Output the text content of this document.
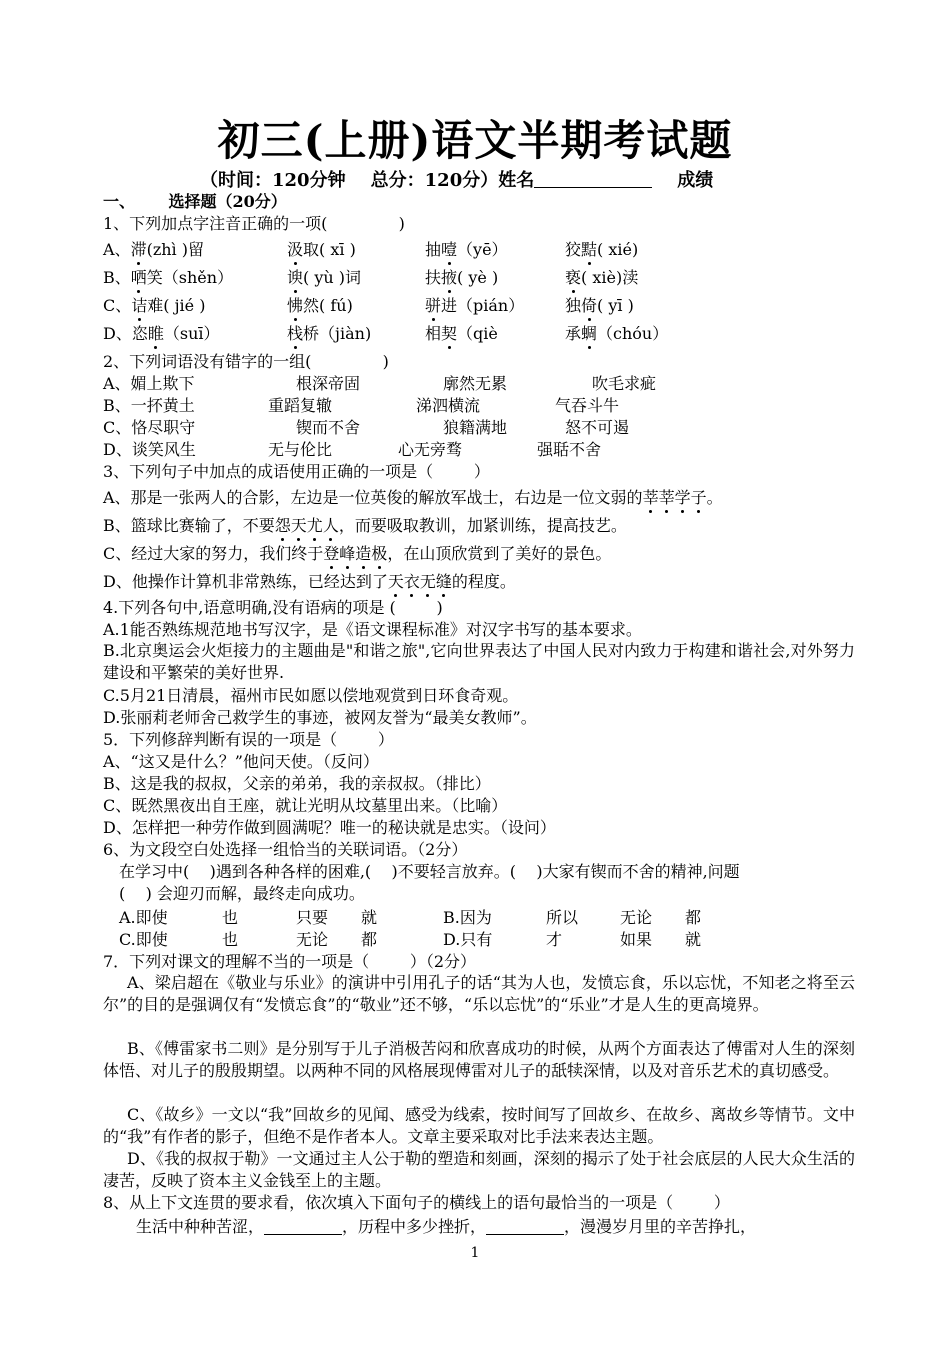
初三(上册)语文半期考试题
（时间：120分钟    总分：120分）姓名	成绩
一、 选择题（20分）
1、下列加点字注音正确的一项(              )
A、滞(zhì )留	汲取( xī )	抽噎（yē）	狡黠( xié)
B、哂笑（shěn）	谀( yù )词	扶掖( yè )	亵( xiè)渎
C、诘难( jié )	怫然( fú)	骈进（pián）	独倚( yī )
D、恣睢（suī）	栈桥（jiàn)	相契（qiè	承蜩（chóu）
2、下列词语没有错字的一组(              )
A、媚上欺下	根深帝固	廓然无累	吹毛求疵
B、一抔黄土	重蹈复辙	涕泗横流	气吞斗牛
C、恪尽职守	锲而不舍	狼籍满地	怒不可遏
D、谈笑风生	无与伦比	心无旁骛	强聒不舍
3、下列句子中加点的成语使用正确的一项是（        ）
A、那是一张两人的合影，左边是一位英俊的解放军战士，右边是一位文弱的莘莘学子。
B、篮球比赛输了，不要怨天尤人，而要吸取教训，加紧训练，提高技艺。
C、经过大家的努力，我们终于登峰造极，在山顶欣赏到了美好的景色。
D、他操作计算机非常熟练，已经达到了天衣无缝的程度。
4.下列各句中,语意明确,没有语病的项是 (        )
A.1能否熟练规范地书写汉字，是《语文课程标准》对汉字书写的基本要求。
B.北京奥运会火炬接力的主题曲是"和谐之旅",它向世界表达了中国人民对内致力于构建和谐社会,对外努力建设和平繁荣的美好世界.
C.5月21日清晨，福州市民如愿以偿地观赏到日环食奇观。
D.张丽莉老师舍己救学生的事迹，被网友誉为“最美女教师”。
5．下列修辞判断有误的一项是（        ）
A、“这又是什么？”他问天使。（反问）
B、这是我的叔叔，父亲的弟弟，我的亲叔叔。（排比）
C、既然黑夜出自王座，就让光明从坟墓里出来。（比喻）
D、怎样把一种劳作做到圆满呢？唯一的秘诀就是忠实。（设问）
6、为文段空白处选择一组恰当的关联词语。（2分）
在学习中(    )遇到各种各样的困难,(    )不要轻言放弃。(    )大家有锲而不舍的精神,问题
(    ) 会迎刃而解，最终走向成功。
A.即使	也	只要 就	B.因为	所以	无论 都
C.即使	也	无论 都	D.只有	才	如果 就
7．下列对课文的理解不当的一项是（        ）（2分）
A、梁启超在《敬业与乐业》的演讲中引用孔子的话“其为人也，发愤忘食，乐以忘忧，不知老之将至云尔”的目的是强调仅有“发愤忘食”的“敬业”还不够，“乐以忘忧”的“乐业”才是人生的更高境界。
B、《傅雷家书二则》是分别写于儿子消极苦闷和欣喜成功的时候，从两个方面表达了傅雷对人生的深刻体悟、对儿子的殷殷期望。以两种不同的风格展现傅雷对儿子的舐犊深情，以及对音乐艺术的真切感受。
C、《故乡》一文以“我”回故乡的见闻、感受为线索，按时间写了回故乡、在故乡、离故乡等情节。文中的“我”有作者的影子，但绝不是作者本人。文章主要采取对比手法来表达主题。
D、《我的叔叔于勒》一文通过主人公于勒的塑造和刻画，深刻的揭示了处于社会底层的人民大众生活的凄苦，反映了资本主义金钱至上的主题。
8、从上下文连贯的要求看，依次填入下面句子的横线上的语句最恰当的一项是（        ）
生活中种种苦涩，	，历程中多少挫折，	，漫漫岁月里的辛苦挣扎，
1
